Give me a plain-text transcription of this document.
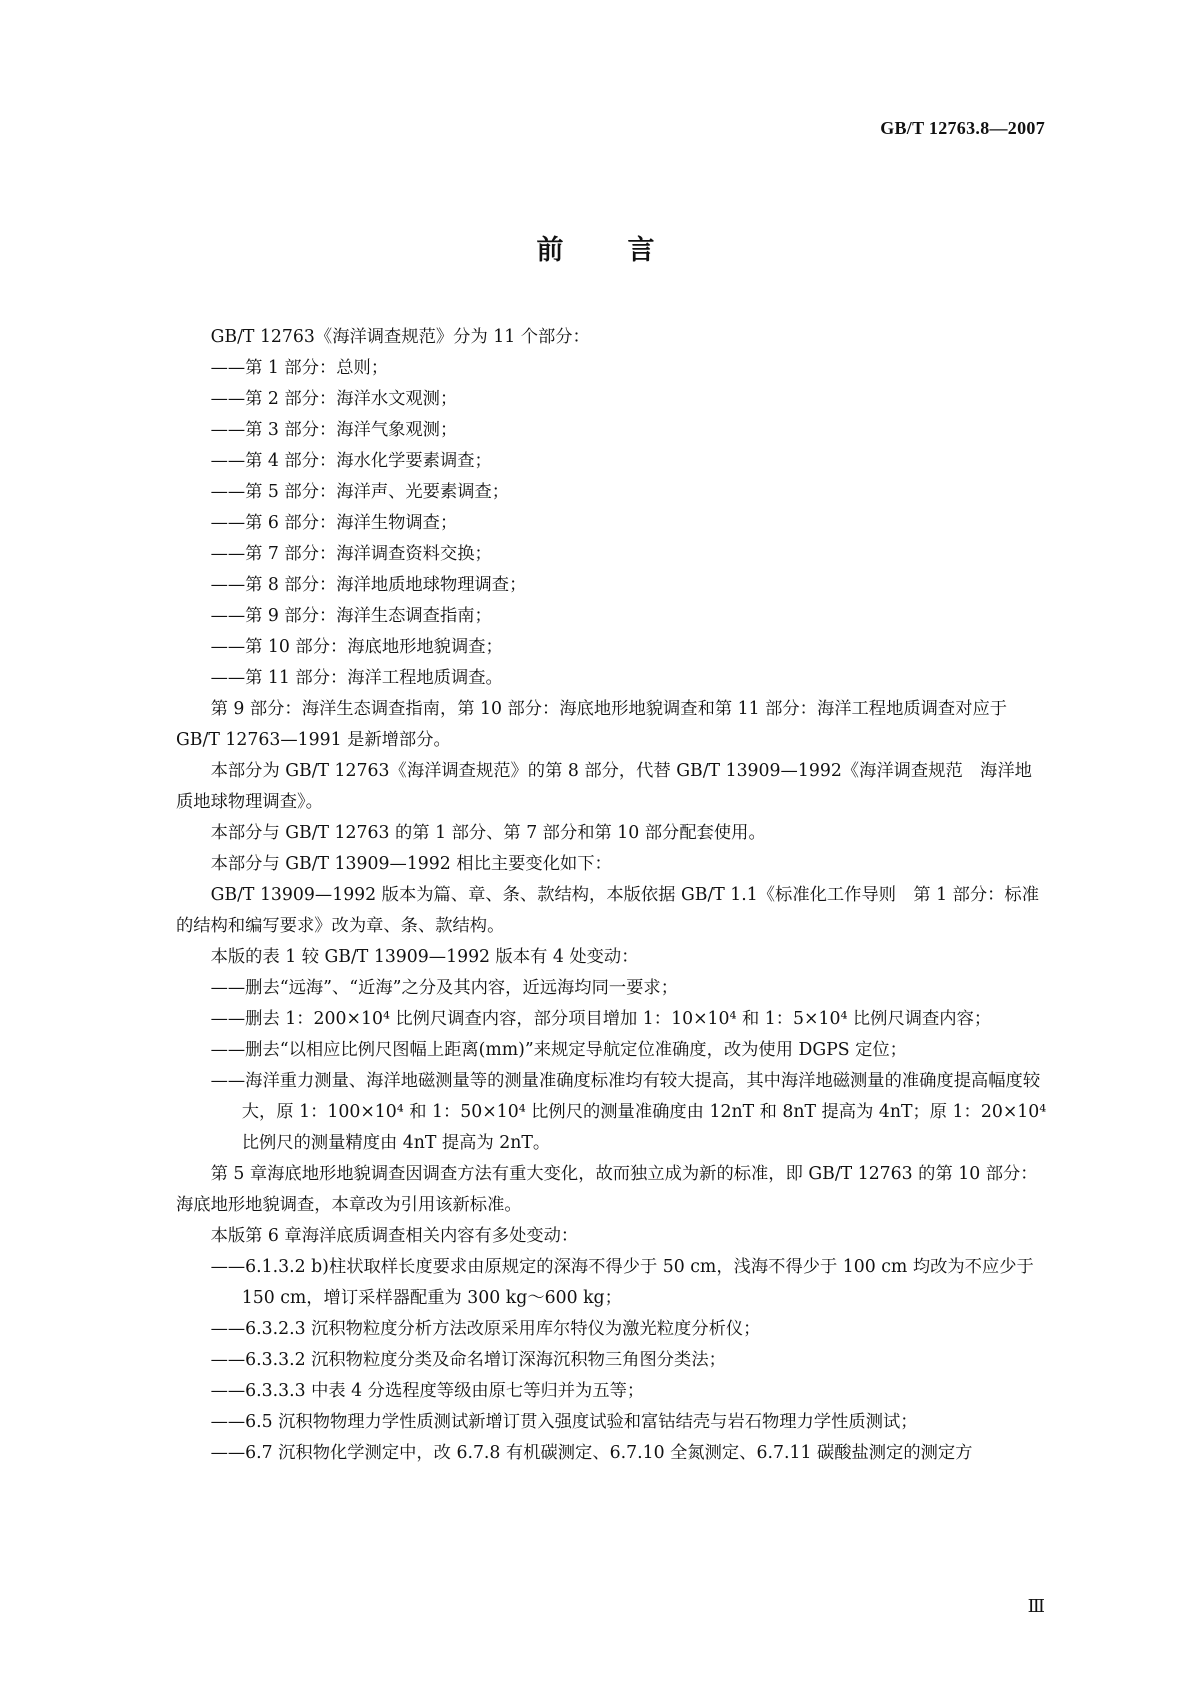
GB/T 12763.8—2007
前 言

GB/T 12763《海洋调查规范》分为 11 个部分：

——第 1 部分：总则；

——第 2 部分：海洋水文观测；

——第 3 部分：海洋气象观测；

——第 4 部分：海水化学要素调查；

——第 5 部分：海洋声、光要素调查；

——第 6 部分：海洋生物调查；

——第 7 部分：海洋调查资料交换；

——第 8 部分：海洋地质地球物理调查；

——第 9 部分：海洋生态调查指南；

——第 10 部分：海底地形地貌调查；

——第 11 部分：海洋工程地质调查。

第 9 部分：海洋生态调查指南，第 10 部分：海底地形地貌调查和第 11 部分：海洋工程地质调查对应于 GB/T 12763—1991 是新增部分。

本部分为 GB/T 12763《海洋调查规范》的第 8 部分，代替 GB/T 13909—1992《海洋调查规范　海洋地质地球物理调查》。

本部分与 GB/T 12763 的第 1 部分、第 7 部分和第 10 部分配套使用。

本部分与 GB/T 13909—1992 相比主要变化如下：

GB/T 13909—1992 版本为篇、章、条、款结构，本版依据 GB/T 1.1《标准化工作导则　第 1 部分：标准的结构和编写要求》改为章、条、款结构。

本版的表 1 较 GB/T 13909—1992 版本有 4 处变动：

——删去“远海”、“近海”之分及其内容，近远海均同一要求；

——删去 1：200×10⁴ 比例尺调查内容，部分项目增加 1：10×10⁴ 和 1：5×10⁴ 比例尺调查内容；

——删去“以相应比例尺图幅上距离(mm)”来规定导航定位准确度，改为使用 DGPS 定位；

——海洋重力测量、海洋地磁测量等的测量准确度标准均有较大提高，其中海洋地磁测量的准确度提高幅度较大，原 1：100×10⁴ 和 1：50×10⁴ 比例尺的测量准确度由 12nT 和 8nT 提高为 4nT；原 1：20×10⁴ 比例尺的测量精度由 4nT 提高为 2nT。

第 5 章海底地形地貌调查因调查方法有重大变化，故而独立成为新的标准，即 GB/T 12763 的第 10 部分：海底地形地貌调查，本章改为引用该新标准。

本版第 6 章海洋底质调查相关内容有多处变动：

——6.1.3.2 b)柱状取样长度要求由原规定的深海不得少于 50 cm，浅海不得少于 100 cm 均改为不应少于 150 cm，增订采样器配重为 300 kg～600 kg；

——6.3.2.3 沉积物粒度分析方法改原采用库尔特仪为激光粒度分析仪；

——6.3.3.2 沉积物粒度分类及命名增订深海沉积物三角图分类法；

——6.3.3.3 中表 4 分选程度等级由原七等归并为五等；

——6.5 沉积物物理力学性质测试新增订贯入强度试验和富钴结壳与岩石物理力学性质测试；

——6.7 沉积物化学测定中，改 6.7.8 有机碳测定、6.7.10 全氮测定、6.7.11 碳酸盐测定的测定方

Ⅲ
